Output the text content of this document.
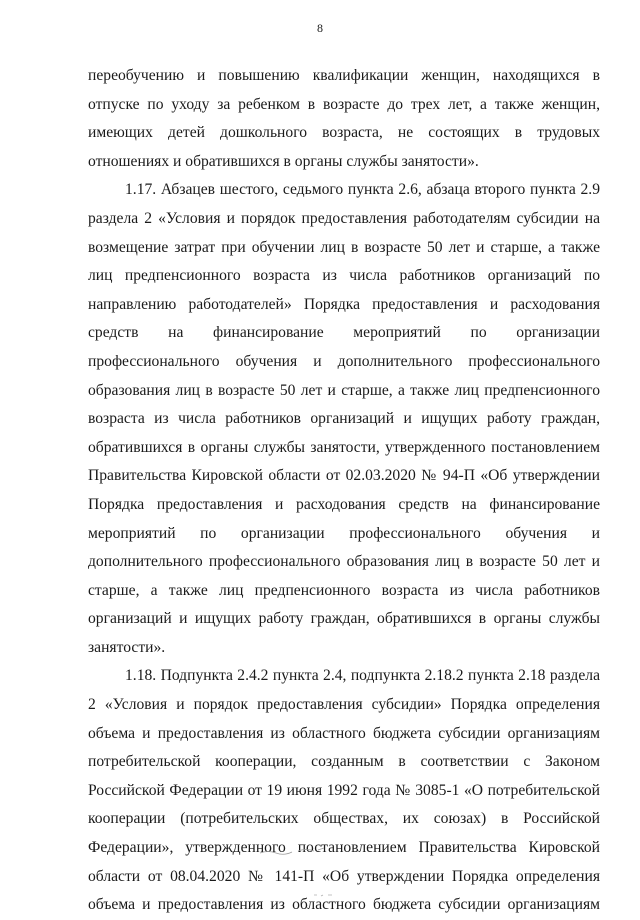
8

переобучению и повышению квалификации женщин, находящихся в отпуске по уходу за ребенком в возрасте до трех лет, а также женщин, имеющих детей дошкольного возраста, не состоящих в трудовых отношениях и обратившихся в органы службы занятости».

1.17. Абзацев шестого, седьмого пункта 2.6, абзаца второго пункта 2.9 раздела 2 «Условия и порядок предоставления работодателям субсидии на возмещение затрат при обучении лиц в возрасте 50 лет и старше, а также лиц предпенсионного возраста из числа работников организаций по направлению работодателей» Порядка предоставления и расходования средств на финансирование мероприятий по организации профессионального обучения и дополнительного профессионального образования лиц в возрасте 50 лет и старше, а также лиц предпенсионного возраста из числа работников организаций и ищущих работу граждан, обратившихся в органы службы занятости, утвержденного постановлением Правительства Кировской области от 02.03.2020 № 94-П «Об утверждении Порядка предоставления и расходования средств на финансирование мероприятий по организации профессионального обучения и дополнительного профессионального образования лиц в возрасте 50 лет и старше, а также лиц предпенсионного возраста из числа работников организаций и ищущих работу граждан, обратившихся в органы службы занятости».

1.18. Подпункта 2.4.2 пункта 2.4, подпункта 2.18.2 пункта 2.18 раздела 2 «Условия и порядок предоставления субсидии» Порядка определения объема и предоставления из областного бюджета субсидии организациям потребительской кооперации, созданным в соответствии с Законом Российской Федерации от 19 июня 1992 года № 3085-1 «О потребительской кооперации (потребительских обществах, их союзах) в Российской Федерации», утвержденного постановлением Правительства Кировской области от 08.04.2020 № 141-П «Об утверждении Порядка определения объема и предоставления из областного бюджета субсидии организациям
